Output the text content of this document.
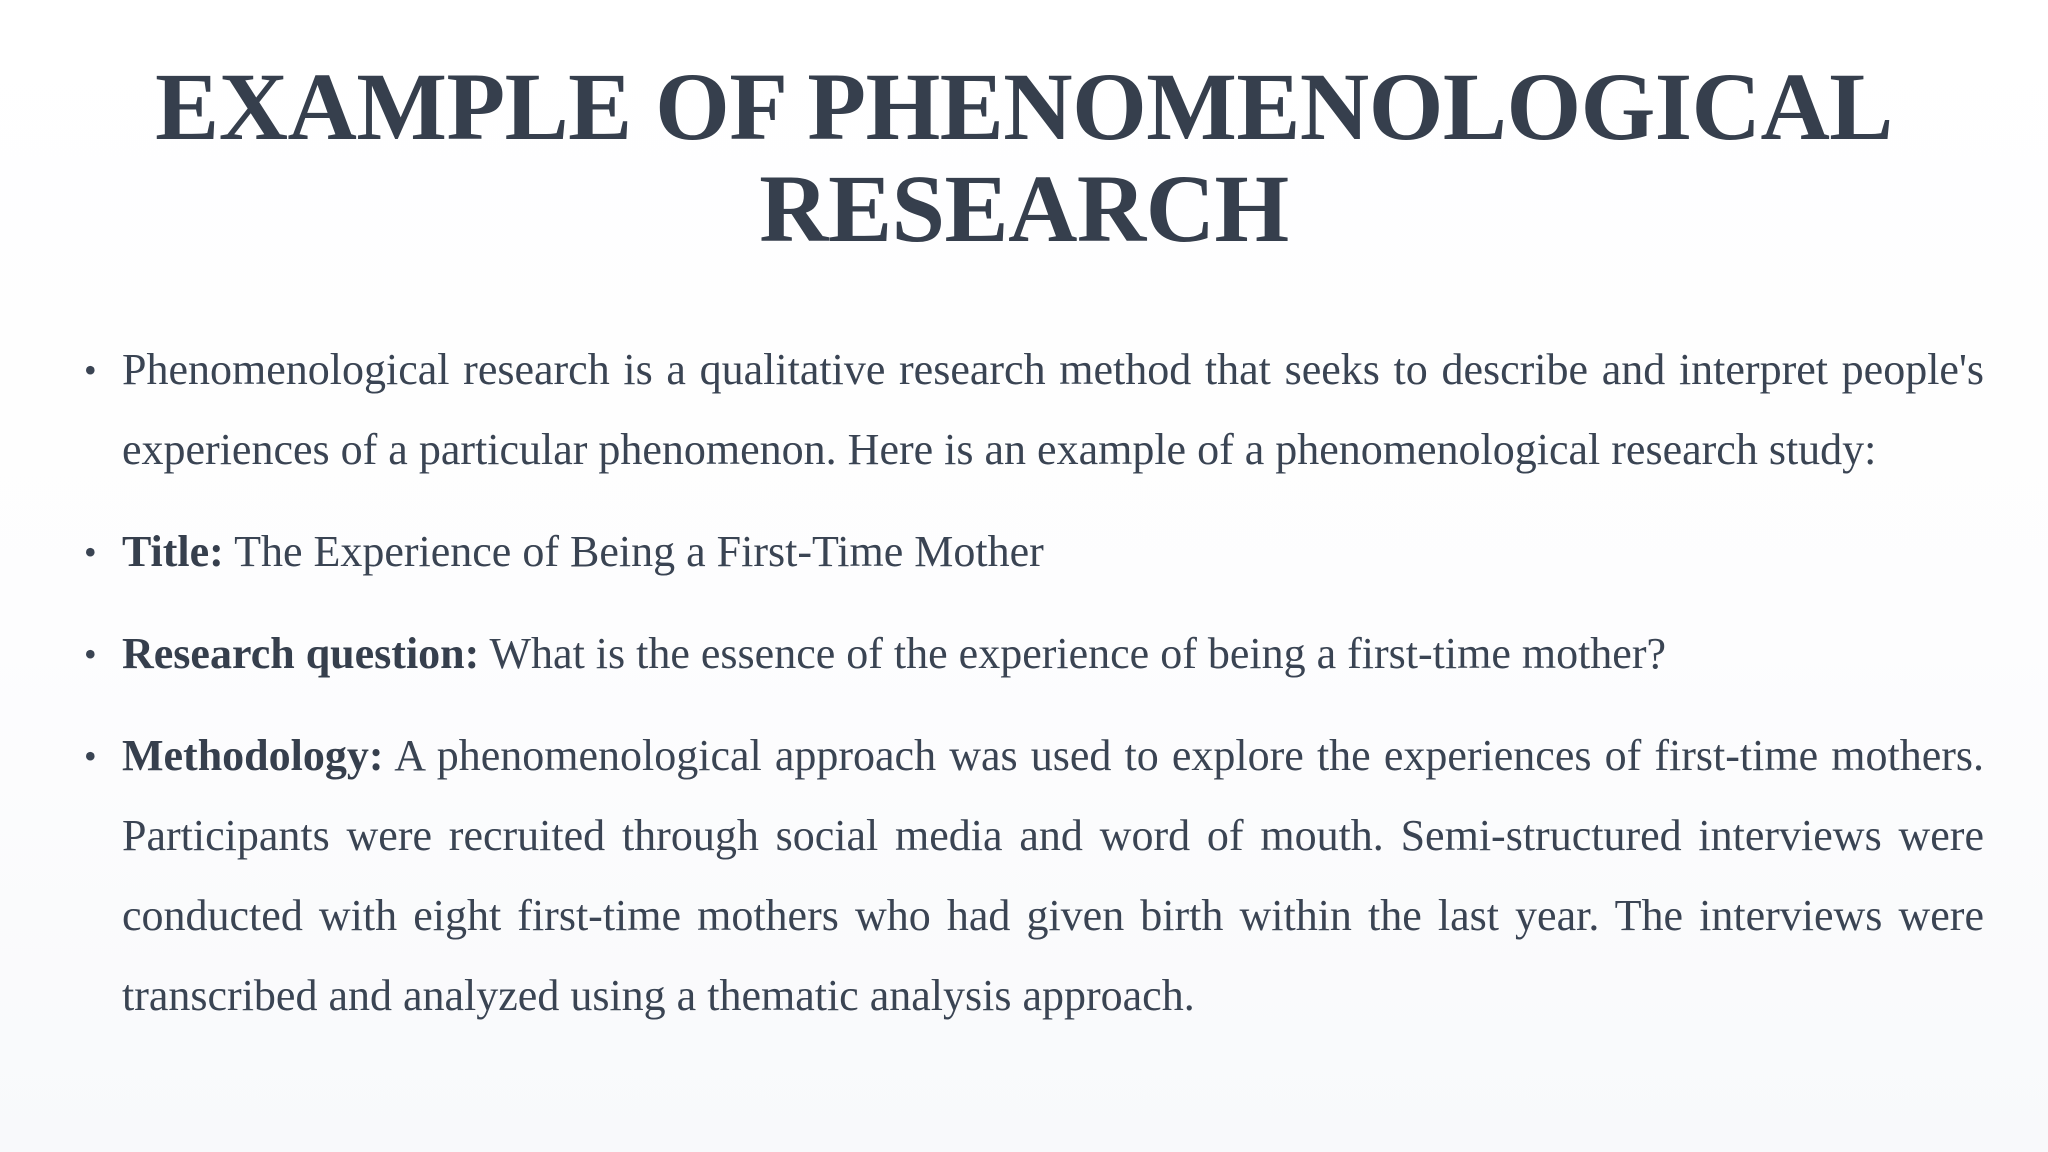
EXAMPLE OF PHENOMENOLOGICAL RESEARCH
• Phenomenological research is a qualitative research method that seeks to describe and interpret people's experiences of a particular phenomenon. Here is an example of a phenomenological research study:
• Title: The Experience of Being a First-Time Mother
• Research question: What is the essence of the experience of being a first-time mother?
• Methodology: A phenomenological approach was used to explore the experiences of first-time mothers. Participants were recruited through social media and word of mouth. Semi-structured interviews were conducted with eight first-time mothers who had given birth within the last year. The interviews were transcribed and analyzed using a thematic analysis approach.
